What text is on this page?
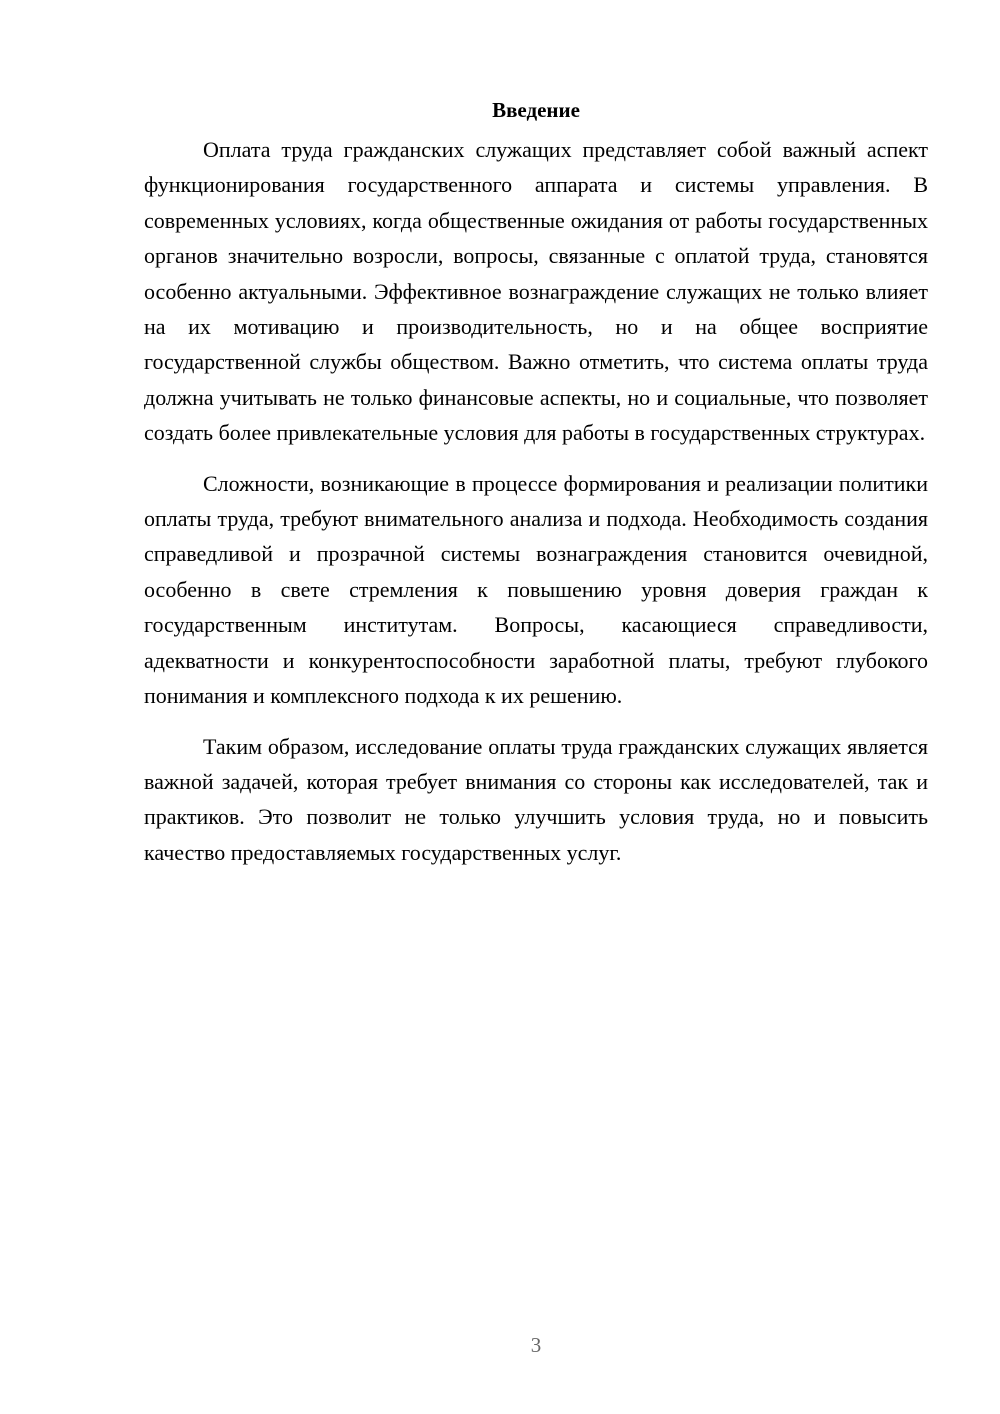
Введение

Оплата труда гражданских служащих представляет собой важный аспект функционирования государственного аппарата и системы управления. В современных условиях, когда общественные ожидания от работы государственных органов значительно возросли, вопросы, связанные с оплатой труда, становятся особенно актуальными. Эффективное вознаграждение служащих не только влияет на их мотивацию и производительность, но и на общее восприятие государственной службы обществом. Важно отметить, что система оплаты труда должна учитывать не только финансовые аспекты, но и социальные, что позволяет создать более привлекательные условия для работы в государственных структурах.

Сложности, возникающие в процессе формирования и реализации политики оплаты труда, требуют внимательного анализа и подхода. Необходимость создания справедливой и прозрачной системы вознаграждения становится очевидной, особенно в свете стремления к повышению уровня доверия граждан к государственным институтам. Вопросы, касающиеся справедливости, адекватности и конкурентоспособности заработной платы, требуют глубокого понимания и комплексного подхода к их решению.

Таким образом, исследование оплаты труда гражданских служащих является важной задачей, которая требует внимания со стороны как исследователей, так и практиков. Это позволит не только улучшить условия труда, но и повысить качество предоставляемых государственных услуг.

3
